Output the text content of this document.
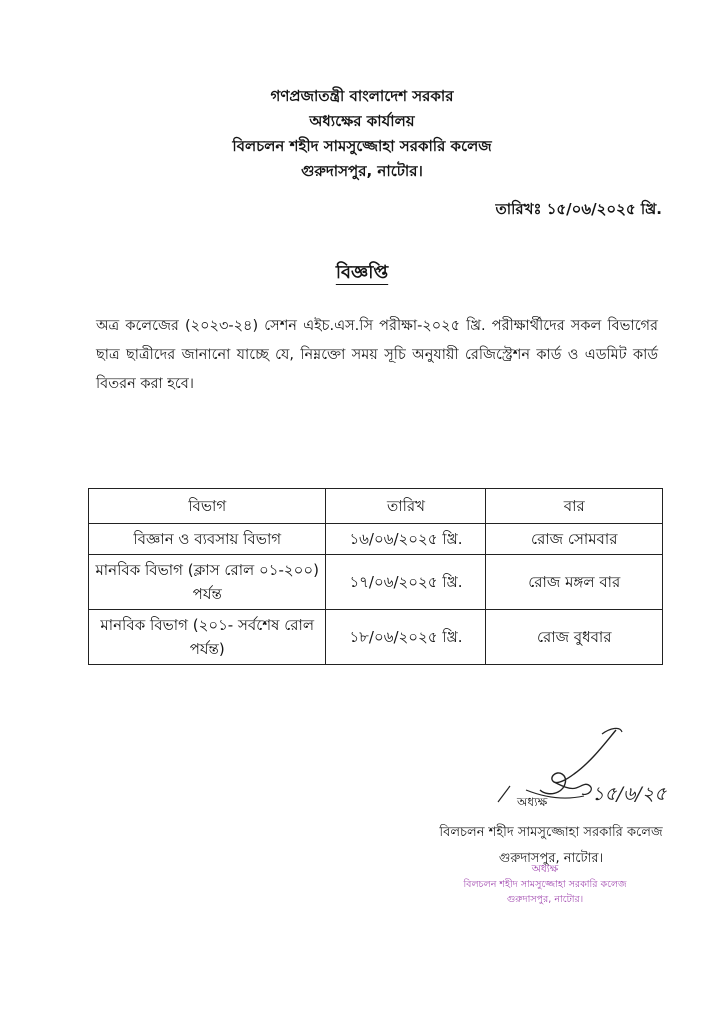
গণপ্রজাতন্ত্রী বাংলাদেশ সরকার
অধ্যক্ষের কার্যালয়
বিলচলন শহীদ সামসুজ্জোহা সরকারি কলেজ
গুরুদাসপুর, নাটোর।
তারিখঃ ১৫/০৬/২০২৫ খ্রি.
বিজ্ঞপ্তি
অত্র কলেজের (২০২৩-২৪) সেশন এইচ.এস.সি পরীক্ষা-২০২৫ খ্রি. পরীক্ষার্থীদের সকল বিভাগের ছাত্র ছাত্রীদের জানানো যাচ্ছে যে, নিম্নক্তো সময় সূচি অনুযায়ী রেজিস্ট্রেশন কার্ড ও এডমিট কার্ড বিতরন করা হবে।
বিভাগ	তারিখ	বার
বিজ্ঞান ও ব্যবসায় বিভাগ	১৬/০৬/২০২৫ খ্রি.	রোজ সোমবার
মানবিক বিভাগ (ক্লাস রোল ০১-২০০) পর্যন্ত	১৭/০৬/২০২৫ খ্রি.	রোজ মঙ্গল বার
মানবিক বিভাগ (২০১- সর্বশেষ রোল পর্যন্ত)	১৮/০৬/২০২৫ খ্রি.	রোজ বুধবার
অধ্যক্ষ ১৫/৬/২৫
বিলচলন শহীদ সামসুজ্জোহা সরকারি কলেজ
গুরুদাসপুর, নাটোর।
অধ্যক্ষ
বিলচলন শহীদ সামসুজ্জোহা সরকারি কলেজ
গুরুদাসপুর, নাটোর।
